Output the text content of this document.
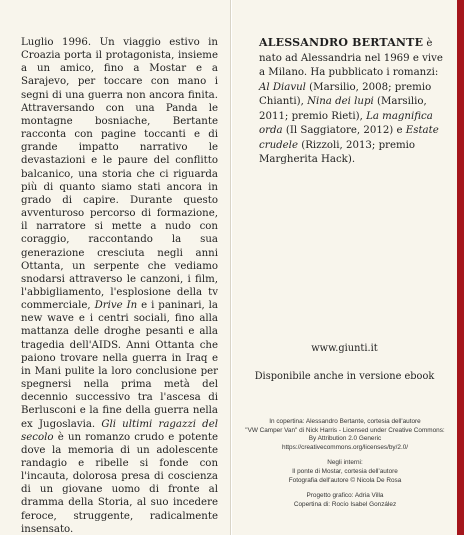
Luglio 1996. Un viaggio estivo in Croazia porta il protagonista, insieme a un amico, fino a Mostar e a Sarajevo, per toccare con mano i segni di una guerra non ancora finita. Attraversando con una Panda le montagne bosniache, Bertante racconta con pagine toccanti e di grande impatto narrativo le devastazioni e le paure del conflitto balcanico, una storia che ci riguarda più di quanto siamo stati ancora in grado di capire. Durante questo avventuroso percorso di formazione, il narratore si mette a nudo con coraggio, raccontando la sua generazione cresciuta negli anni Ottanta, un serpente che vediamo snodarsi attraverso le canzoni, i film, l'abbigliamento, l'esplosione della tv commerciale, Drive In e i paninari, la new wave e i centri sociali, fino alla mattanza delle droghe pesanti e alla tragedia dell'AIDS. Anni Ottanta che paiono trovare nella guerra in Iraq e in Mani pulite la loro conclusione per spegnersi nella prima metà del decennio successivo tra l'ascesa di Berlusconi e la fine della guerra nella ex Jugoslavia. Gli ultimi ragazzi del secolo è un romanzo crudo e potente dove la memoria di un adolescente randagio e ribelle si fonde con l'incauta, dolorosa presa di coscienza di un giovane uomo di fronte al dramma della Storia, al suo incedere feroce, struggente, radicalmente insensato.

ALESSANDRO BERTANTE è nato ad Alessandria nel 1969 e vive a Milano. Ha pubblicato i romanzi: Al Diavul (Marsilio, 2008; premio Chianti), Nina dei lupi (Marsilio, 2011; premio Rieti), La magnifica orda (Il Saggiatore, 2012) e Estate crudele (Rizzoli, 2013; premio Margherita Hack).
www.giunti.it
Disponibile anche in versione ebook
In copertina: Alessandro Bertante, cortesia dell'autore
"VW Camper Van" di Nick Harris - Licensed under Creative Commons:
By Attribution 2.0 Generic
https://creativecommons.org/licenses/by/2.0/
Negli interni:
Il ponte di Mostar, cortesia dell'autore
Fotografia dell'autore © Nicola De Rosa
Progetto grafico: Adria Villa
Copertina di: Rocío Isabel González
